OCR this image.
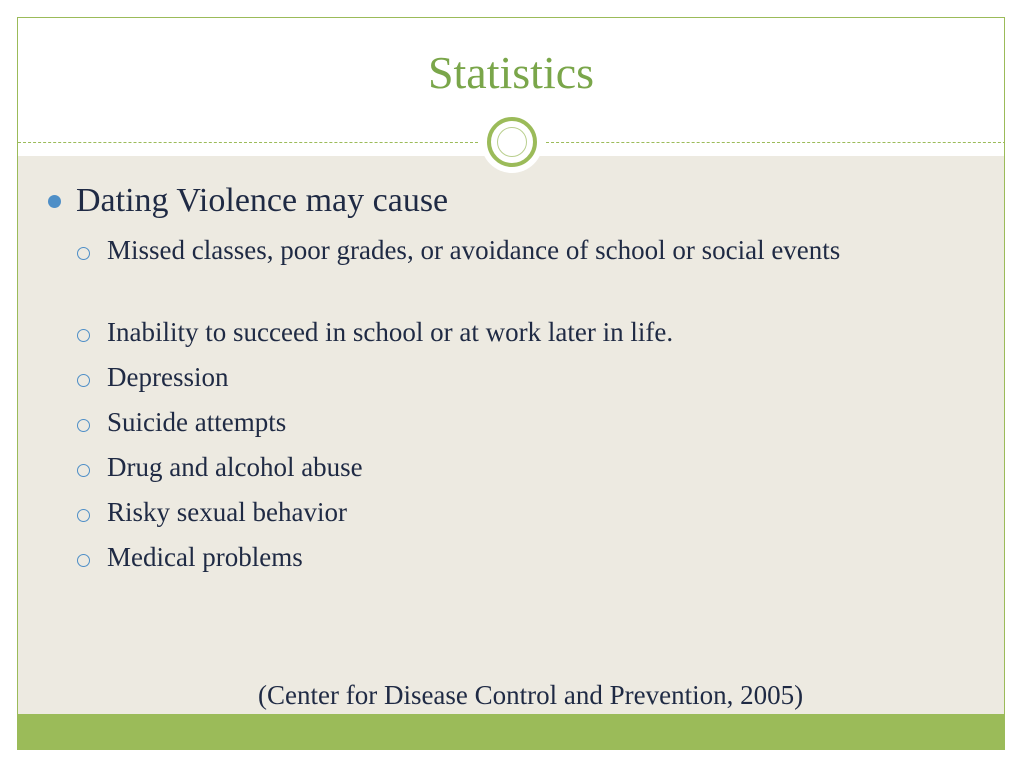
Statistics
Dating Violence may cause
Missed classes, poor grades, or avoidance of school or social events
Inability to succeed in school or at work later in life.
Depression
Suicide attempts
Drug and alcohol abuse
Risky sexual behavior
Medical problems
(Center for Disease Control and Prevention, 2005)
